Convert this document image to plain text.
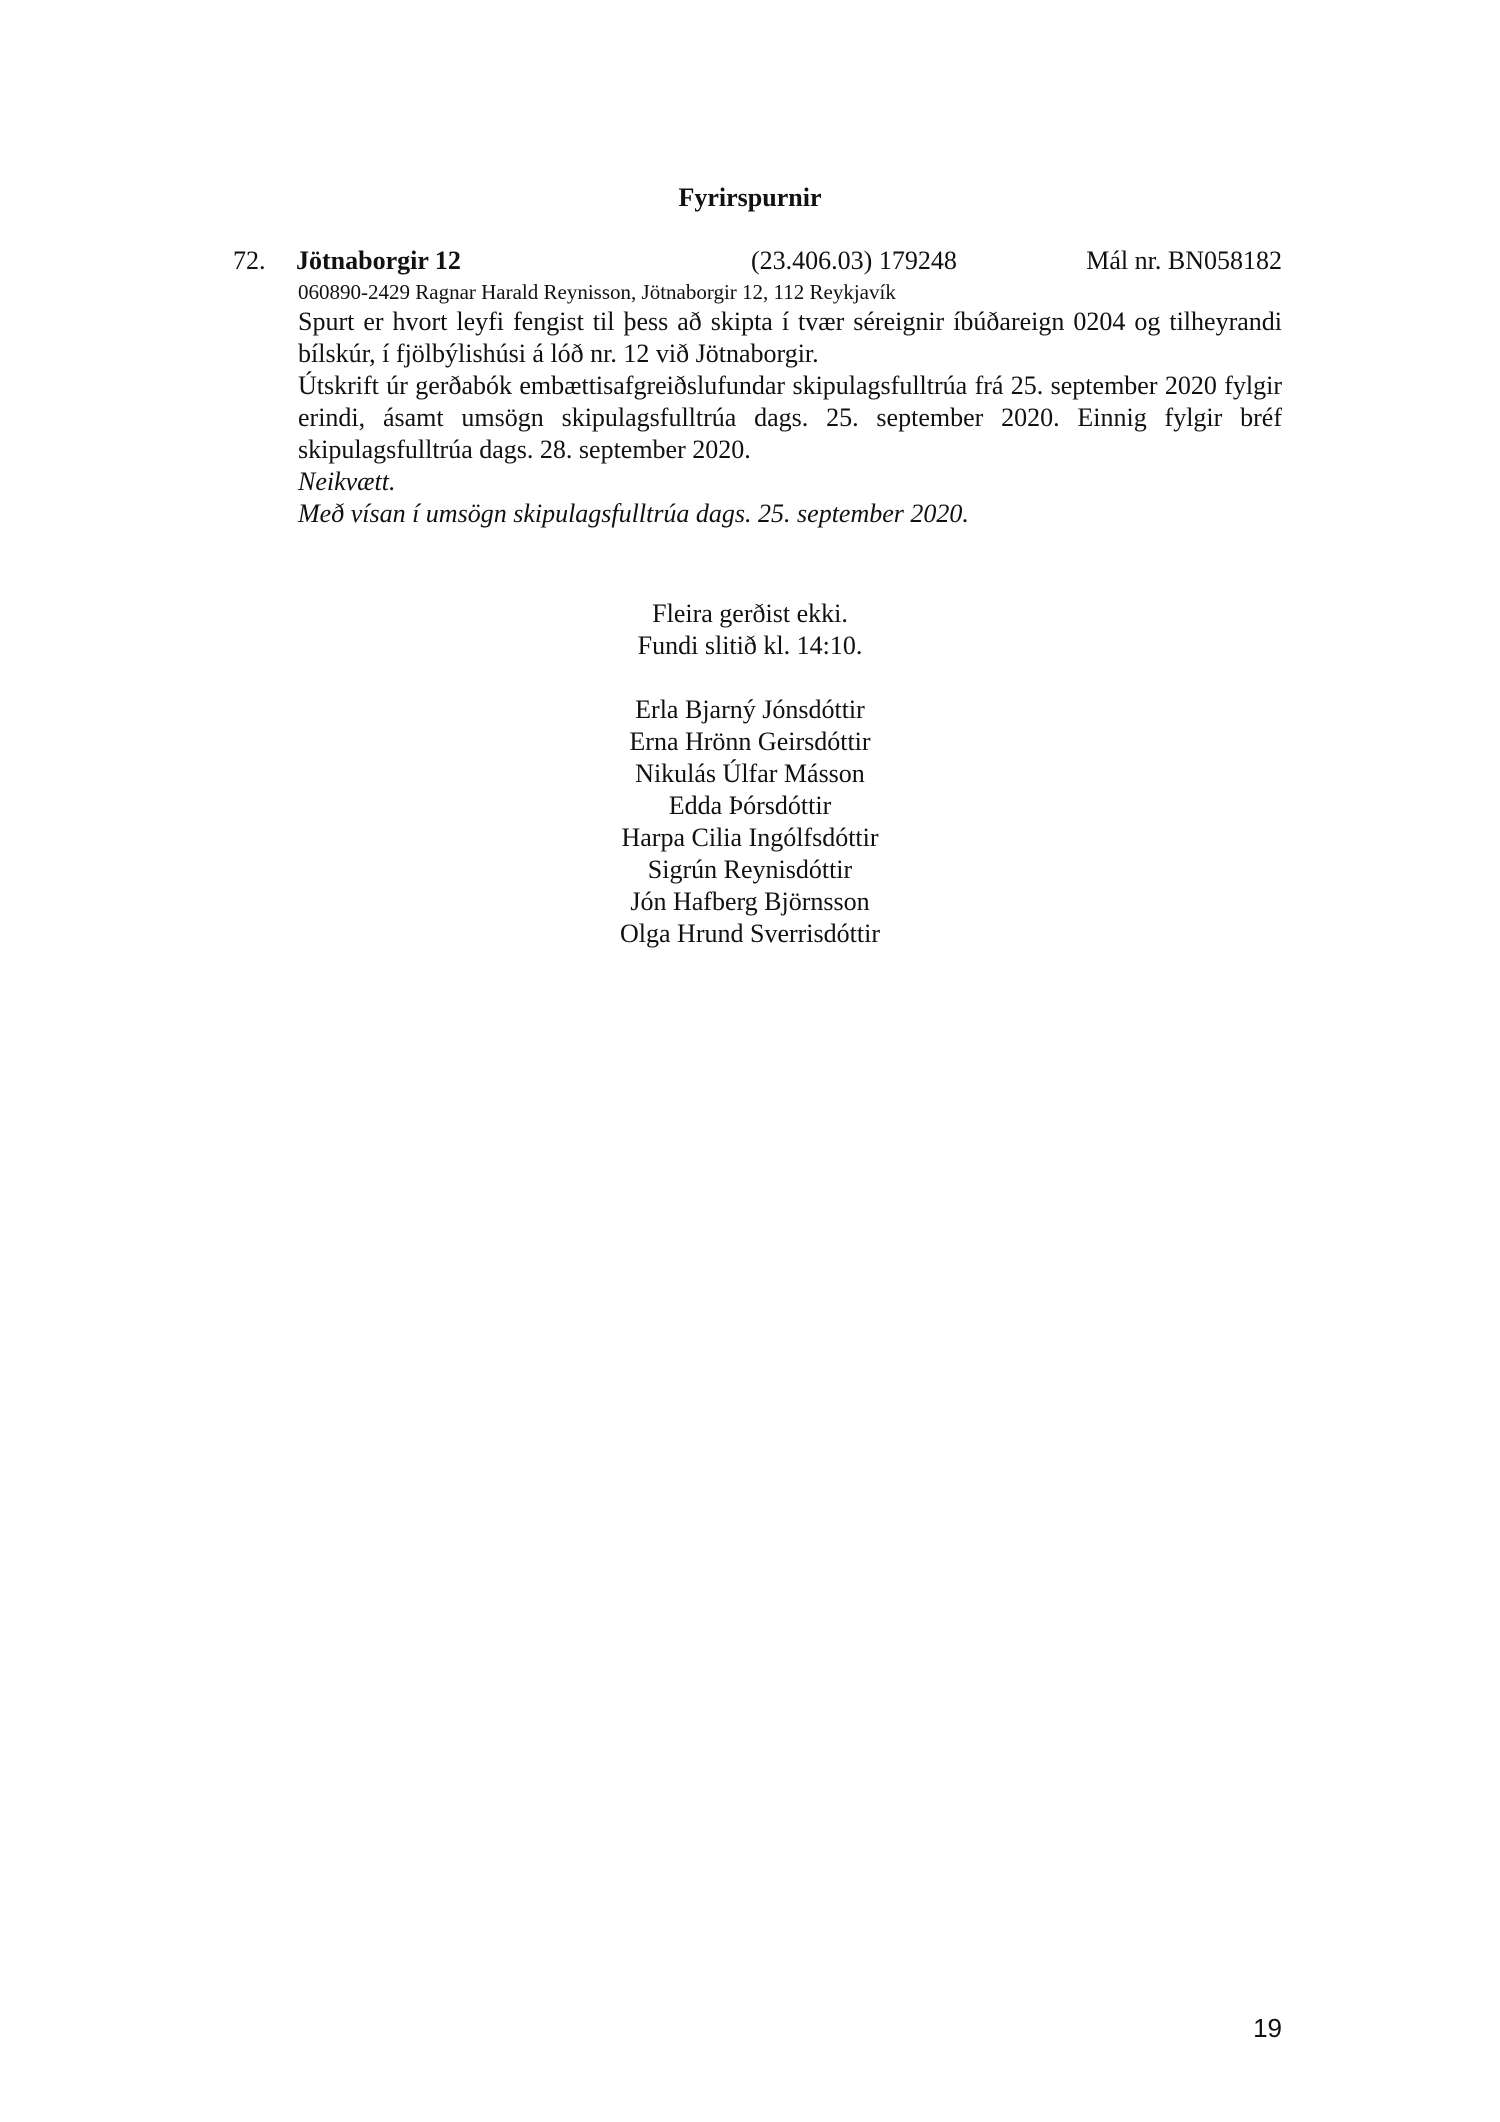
Fyrirspurnir
72. Jötnaborgir 12	(23.406.03) 179248	Mál nr. BN058182
060890-2429 Ragnar Harald Reynisson, Jötnaborgir 12, 112 Reykjavík

Spurt er hvort leyfi fengist til þess að skipta í tvær séreignir íbúðareign 0204 og tilheyrandi bílskúr, í fjölbýlishúsi á lóð nr. 12 við Jötnaborgir.

Útskrift úr gerðabók embættisafgreiðslufundar skipulagsfulltrúa frá 25. september 2020 fylgir erindi, ásamt umsögn skipulagsfulltrúa dags. 25. september 2020. Einnig fylgir bréf skipulagsfulltrúa dags. 28. september 2020.

Neikvætt.

Með vísan í umsögn skipulagsfulltrúa dags. 25. september 2020.

Fleira gerðist ekki.
Fundi slitið kl. 14:10.
Erla Bjarný Jónsdóttir
Erna Hrönn Geirsdóttir
Nikulás Úlfar Másson
Edda Þórsdóttir
Harpa Cilia Ingólfsdóttir
Sigrún Reynisdóttir
Jón Hafberg Björnsson
Olga Hrund Sverrisdóttir
19
